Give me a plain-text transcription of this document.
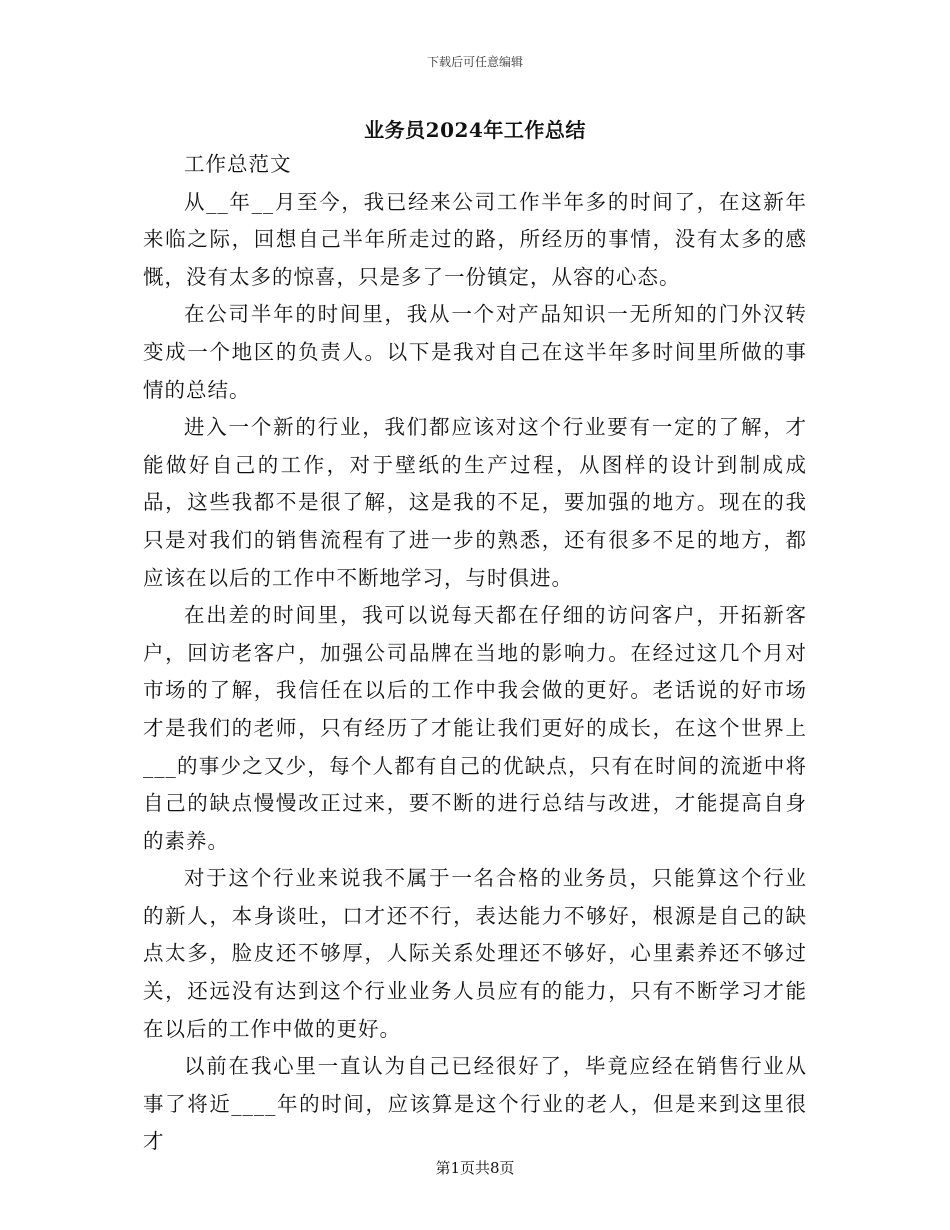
下载后可任意编辑
业务员2024年工作总结

工作总范文

从__年__月至今，我已经来公司工作半年多的时间了，在这新年来临之际，回想自己半年所走过的路，所经历的事情，没有太多的感慨，没有太多的惊喜，只是多了一份镇定，从容的心态。

在公司半年的时间里，我从一个对产品知识一无所知的门外汉转变成一个地区的负责人。以下是我对自己在这半年多时间里所做的事情的总结。

进入一个新的行业，我们都应该对这个行业要有一定的了解，才能做好自己的工作，对于壁纸的生产过程，从图样的设计到制成成品，这些我都不是很了解，这是我的不足，要加强的地方。现在的我只是对我们的销售流程有了进一步的熟悉，还有很多不足的地方，都应该在以后的工作中不断地学习，与时俱进。

在出差的时间里，我可以说每天都在仔细的访问客户，开拓新客户，回访老客户，加强公司品牌在当地的影响力。在经过这几个月对市场的了解，我信任在以后的工作中我会做的更好。老话说的好市场才是我们的老师，只有经历了才能让我们更好的成长，在这个世界上___的事少之又少，每个人都有自己的优缺点，只有在时间的流逝中将自己的缺点慢慢改正过来，要不断的进行总结与改进，才能提高自身的素养。

对于这个行业来说我不属于一名合格的业务员，只能算这个行业的新人，本身谈吐，口才还不行，表达能力不够好，根源是自己的缺点太多，脸皮还不够厚，人际关系处理还不够好，心里素养还不够过关，还远没有达到这个行业业务人员应有的能力，只有不断学习才能在以后的工作中做的更好。

以前在我心里一直认为自己已经很好了，毕竟应经在销售行业从事了将近____年的时间，应该算是这个行业的老人，但是来到这里很才

第1页共8页
